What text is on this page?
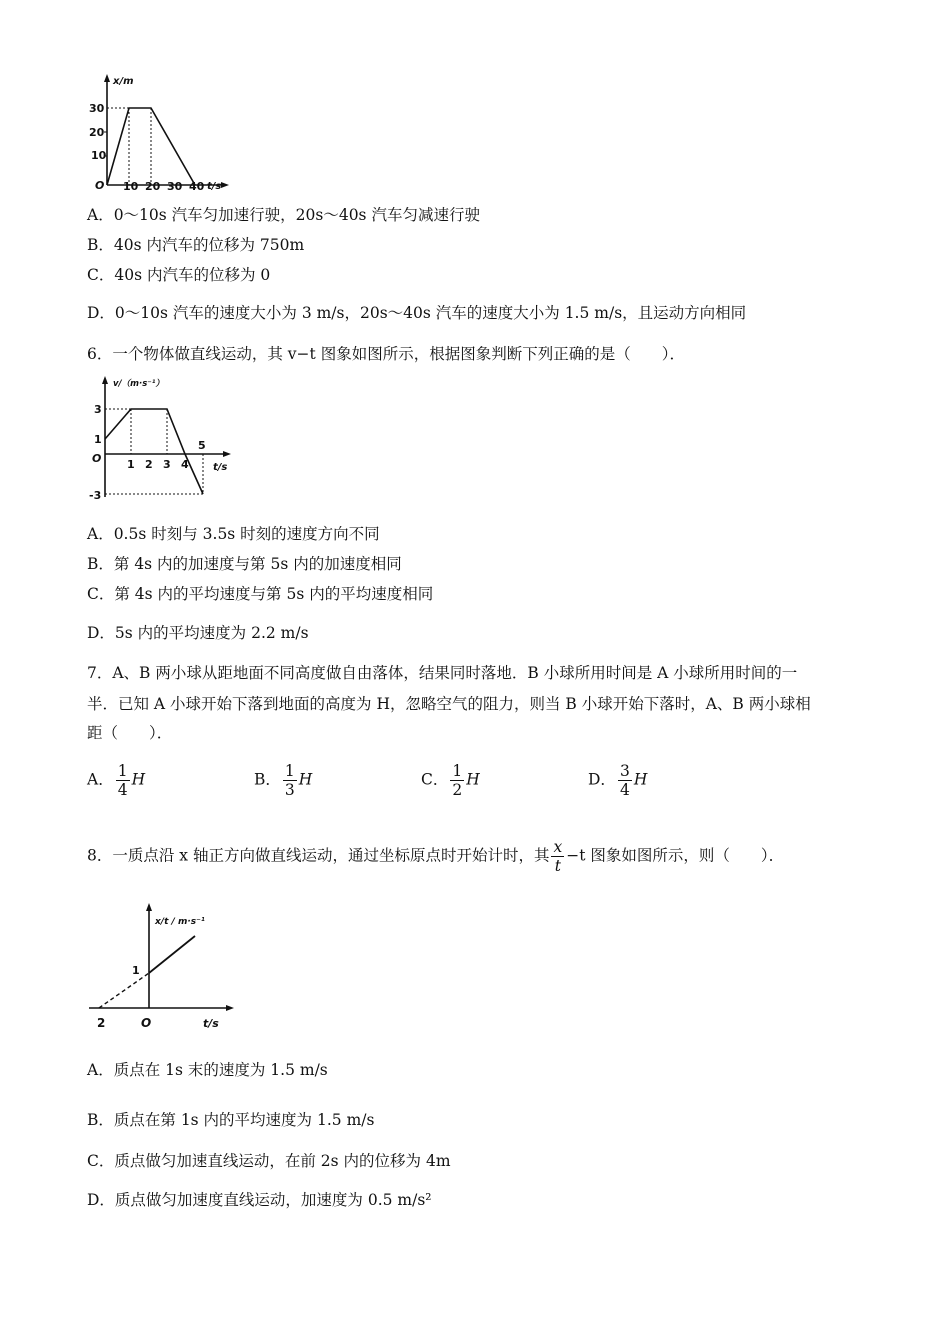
x/m
t/s
O
30
20
10
10 20 30 40
A．0～10s 汽车匀加速行驶，20s～40s 汽车匀减速行驶
B．40s 内汽车的位移为 750m
C．40s 内汽车的位移为 0
D．0～10s 汽车的速度大小为 3 m/s，20s～40s 汽车的速度大小为 1.5 m/s，且运动方向相同
6．一个物体做直线运动，其 v−t 图象如图所示，根据图象判断下列正确的是（　　）．
v/（m·s⁻¹）
t/s
O
3
1
-3
1 2 3 4
5
A．0.5s 时刻与 3.5s 时刻的速度方向不同
B．第 4s 内的加速度与第 5s 内的加速度相同
C．第 4s 内的平均速度与第 5s 内的平均速度相同
D．5s 内的平均速度为 2.2 m/s
7．A、B 两小球从距地面不同高度做自由落体，结果同时落地．B 小球所用时间是 A 小球所用时间的一
半．已知 A 小球开始下落到地面的高度为 H，忽略空气的阻力，则当 B 小球开始下落时，A、B 两小球相
距（　　）．
A． $\frac{1}{4}$ H	B． $\frac{1}{3}$ H	C． $\frac{1}{2}$ H	D． $\frac{3}{4}$ H
8．一质点沿 x 轴正方向做直线运动，通过坐标原点时开始计时，其 $\frac{x}{t} -t$ 图象如图所示，则（　　）．
x/t / m·s⁻¹
t/s
O
1
2
A．质点在 1s 末的速度为 1.5 m/s
B．质点在第 1s 内的平均速度为 1.5 m/s
C．质点做匀加速直线运动，在前 2s 内的位移为 4m
D．质点做匀加速度直线运动，加速度为 0.5 m/s²
